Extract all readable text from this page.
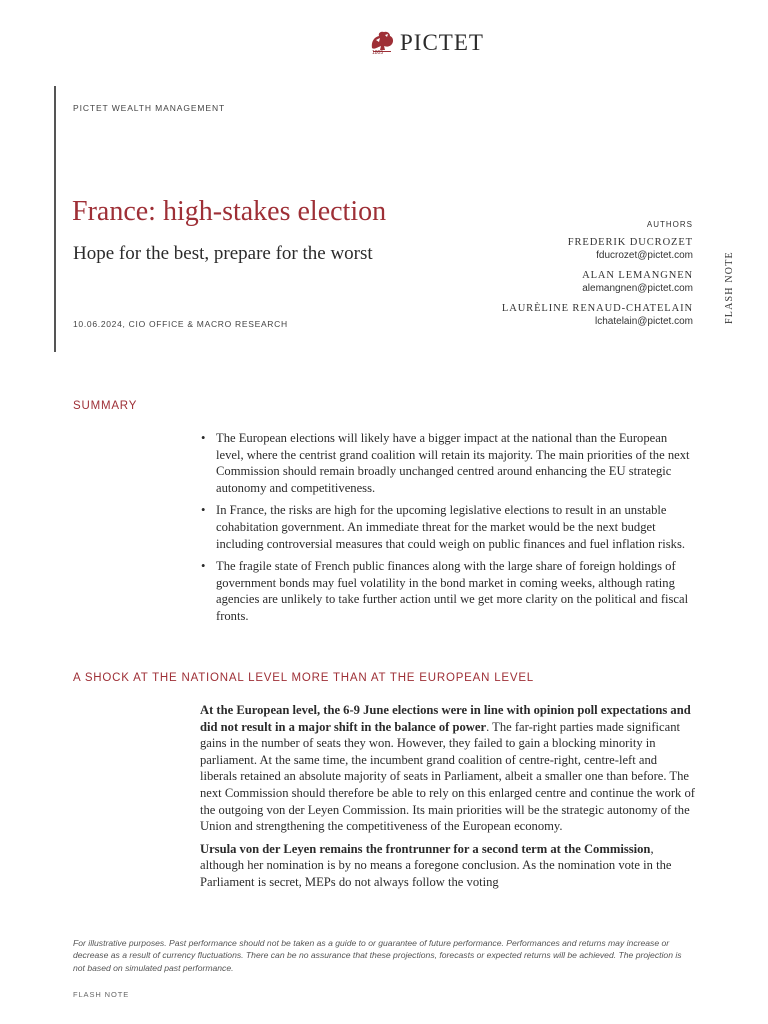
PICTET
1805
PICTET WEALTH MANAGEMENT
France: high-stakes election
Hope for the best, prepare for the worst
10.06.2024, CIO OFFICE & MACRO RESEARCH
AUTHORS
FREDERIK DUCROZET
fducrozet@pictet.com
ALAN LEMANGNEN
alemangnen@pictet.com
LAURÈLINE RENAUD-CHATELAIN
lchatelain@pictet.com	FLASH NOTE
SUMMARY
• The European elections will likely have a bigger impact at the national than the European level, where the centrist grand coalition will retain its majority. The main priorities of the next Commission should remain broadly unchanged centred around enhancing the EU strategic autonomy and competitiveness.
• In France, the risks are high for the upcoming legislative elections to result in an unstable cohabitation government. An immediate threat for the market would be the next budget including controversial measures that could weigh on public finances and fuel inflation risks.
• The fragile state of French public finances along with the large share of foreign holdings of government bonds may fuel volatility in the bond market in coming weeks, although rating agencies are unlikely to take further action until we get more clarity on the political and fiscal fronts.
A SHOCK AT THE NATIONAL LEVEL MORE THAN AT THE EUROPEAN LEVEL

At the European level, the 6-9 June elections were in line with opinion poll expectations and did not result in a major shift in the balance of power. The far-right parties made significant gains in the number of seats they won. However, they failed to gain a blocking minority in parliament. At the same time, the incumbent grand coalition of centre-right, centre-left and liberals retained an absolute majority of seats in Parliament, albeit a smaller one than before. The next Commission should therefore be able to rely on this enlarged centre and continue the work of the outgoing von der Leyen Commission. Its main priorities will be the strategic autonomy of the Union and strengthening the competitiveness of the European economy.

Ursula von der Leyen remains the frontrunner for a second term at the Commission, although her nomination is by no means a foregone conclusion. As the nomination vote in the Parliament is secret, MEPs do not always follow the voting

For illustrative purposes. Past performance should not be taken as a guide to or guarantee of future performance. Performances and returns may increase or decrease as a result of currency fluctuations. There can be no assurance that these projections, forecasts or expected returns will be achieved. The projection is not based on simulated past performance.
FLASH NOTE
